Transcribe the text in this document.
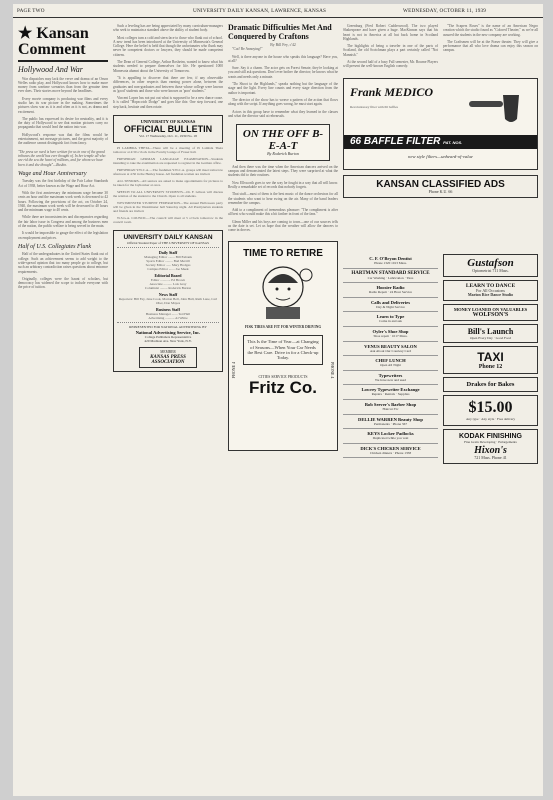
PAGE TWO	UNIVERSITY DAILY KANSAN, LAWRENCE, KANSAS	WEDNESDAY, OCTOBER 11, 1939
★ Kansan Comment
Hollywood And War

War dispatches may lack the verve and drama of an Orson Welles radio play, and Hollywood knows how to make more money from wartime scenarios than from the genuine item ever does. Their stories move beyond the headlines.

Every movie company is producing war films and every studio has its war picture in the making. Sometimes the pictures show war as it is and often as it is not, as drama and excitement.

The public has expressed its desire for neutrality, and it is the duty of Hollywood to see that motion pictures carry no propaganda that would lead the nation into war.

Hollywood's response was that the films would be entertainment, not message pictures, and the great majority of the audience cannot distinguish fact from fancy.

"The press we need is here written for us in one of the grand tribunes the world has ever thought of. In her temple all who are rid the sea the heart of millions, and for whom we have been it and she thought"—Ruskin.
Wage and Hour Anniversary

Tuesday was the first birthday of the Fair Labor Standards Act of 1938, better known as the Wage and Hour Act.

With the first anniversary the minimum wage became 30 cents an hour and the maximum work week is decreased to 42 hours. Following the provisions of the act, on October 24, 1940, the maximum work week will be decreased to 40 hours and the minimum wage to 40 cents.

While there are inconsistencies and discrepancies regarding the fair labor issue in Congress and among the business men of the nation, the public welfare is being served in the main.

It would be impossible to gauge the effect of the legislation on employment and prices.

Half of U.S. Collegiates Flunk

Half of the undergraduates in the United States flunk out of college. Such an achievement seems to add weight to the wide-spread opinion that too many people go to college, but such an arbitrary contradiction raises questions about entrance requirements.

Originally, colleges were the haunt of scholars, but democracy has widened the scope to include everyone with the price of tuition.

Such a leveling has are being appreciated by many curriculum-managers who seek to maintain a standard above the ability of student body.

Most colleges turn a cold and stern face to those who flunk out of school. A new trend has been introduced at the University of Minnesota's General College. Here the belief is held that though the unfortunates who flunk may never be competent doctors or lawyers, they should be made competent citizens.

The Dean of General College, Arthur Rosheim, wanted to know what his students needed to prepare themselves for life. He questioned 1000 Minnesota alumni about the University of Tomorrow.

"It is appalling to discover that there are few, if any observable differences, in other respects than earning power alone, between the graduates and non-graduates and between those whose college were known as 'good' students and those who were known as 'poor' students."

Vincent Lopez has not put out what is supposed to be a new dance craze. It is called "Hopscotch Dodge" and goes like this: One step forward, one step back, hesitate and then rotate.

UNIVERSITY OF KANSAS
OFFICIAL BULLETIN
Vol. 17 Wednesday, Oct. 11, 1939 No. 18

PI LAMBDA THETA—There will be a meeting of Pi Lambda Theta tomorrow at 4:30 o'clock in the Faculty lounge of Fraser hall.

FRESHMAN GERMAN LANGUAGE EXAMINATION—Students intending to take the examination are requested to register in the German office.

FRESHMAN Y.W.C.A.—The freshmen Y.W.C.A. groups will meet tomorrow afternoon at 4:30 in the Henley house. All freshman women are invited.

ALL SENIORS—All seniors are asked to make appointments for pictures to be taken for the Jayhawker at once.

SPEECH TO ALL UNIVERSITY STUDENTS—Dr. F. Gibson will discuss the relation of the student to the Church. Open to all students.

WESTMINSTER STUDENT FEDERATION—The annual Halloween party will be given in the Westminster hall Saturday night. All Presbyterian students and friends are invited.

W.S.G.A. COUNCIL—The council will meet at 5 o'clock tomorrow in the council room.

UNIVERSITY DAILY KANSAN
Official Student Paper of THE UNIVERSITY OF KANSAS
Daily Staff
Managing Editor ........ Bill Eubank
Sports Editor ......... Bud Merrill
Society Editor ...... Mary Hodges
Campus Editor ....... Joe Meek
Editorial Board
Editor ............ Ed Brown
Associate .......... Lois Gray
Columnist ......... Roderick Burton
News Staff
Reporters: Bill Fey, Jane Cook, Marion Bell, John Hull, Ruth Lane, Carl Ober, Don Mayes
Business Staff
Business Manager ....... Ted Hall
Advertising ........... Al White
REPRESENTED FOR NATIONAL ADVERTISING BY
National Advertising Service, Inc.
College Publishers Representative
420 Madison Ave. New York, N.Y.
MEMBER
KANSAS PRESS ASSOCIATION
Dramatic Difficulties Met And Conquered by Craftons
By Bill Fey, c'42

"Cut! Be Annoying!"

Well, is there anyone in the house who speaks this language? Have you, at all?

Sure. Say it a charm. The actor gets on Forest Senate, they're looking at you and still ask questions. Don't ever bother the director; he knows what he wants and needs only a minute.

"Do Shoot to the Highlands," speaks nothing but the language of the stage and the light. Every line counts and every stage direction from the author is important.

The director of the show has to weave a pattern of the action that flows along with the script. If anything goes wrong, he must start again.

Actors in this group have to remember what they learned in the classes and what the director said at rehearsals.

ON THE OFF B-E-A-T
By Roderick Burton

And then there was the time when the American dancers arrived on the campus and demonstrated the latest steps. They were surprised at what the students did to their routines.

Now Ellsworth goes to see the way he fought in a way that all will know. Really a remarkable set of records that nobody forgets.

That stuff—most of them is the best music of the dance orchestras for all the students who want to hear swing on the air. Many of the band leaders remember the campus.

Add to a compliment of tremendous pleasure: "The compliment is after all best who would make this a bit farther in front of the fans."

Glenn Miller and his boys are coming to town—one of our sources tells us the date is set. Let us hope that the weather will allow the dancers to come in droves.

TIME TO RETIRE
FISK TIRES ARE FIT FOR WINTER DRIVING
PHONE 4	PHONE 4
This Is the Time of Year—at Changing of Seasons—When Your Car Needs the Best Care. Drive in for a Check-up Today.
CITIES SERVICE PRODUCTS
Fritz Co.

Greenburg (Fred Robert Cadderwood). The two played Shakespeare and have given a huge. MacKinnon says that his heart is not in America at all but back home in Scotland Highlands.

The highlights of being a traveler in one of the parts of Scotland, the old Scotchman plays a part certainly called "Not Mannish."

At the second half of a busy Fall semester, Mr. Bourne Players will present the well-known English comedy.

"The Scapers Roses" is the name of an American Negro creation which the studio found as "Colored Theater," as we're all assured the students in the new company are working.

The Craftsmen will be at the Fraser theater. They will give a performance that all who love drama can enjoy this season on campus.

Frank MEDICO
Revolutionary filter with 66 baffles
66 BAFFLE FILTER PAT. NOS.
new style filters—unheard-of-value
KANSAN CLASSIFIED ADS
Phone K.U. 66
C. F. O'Bryon Dentist
Phone 1320 1013 Mass.
HARTMAN STANDARD SERVICE
Car Washing · Lubrication · Tires
Hoosier Radio
Radio Repair · 24 Hour Service
Calls and Deliveries
Day & Night Service
Learn to Type
Come in and ask
Oyler's Shoe Shop
Shoe repair · 1017 Mass.
VENUS BEAUTY SALON
Ask About Our Courtesy Card
CHEF LUNCH
Open All Night
Typewriters
We have new and used
Lowrey Typewriter Exchange
Repairs · Rentals · Supplies
Bob Seever's Barber Shop
Haircut 35c
DELLIE WARREN Beauty Shop
Permanents · Phone 367
KEYS Locker Padlocks
Duplicated while you wait
DICK'S CHICKEN SERVICE
Chicken dinners · Phone 1358
Gustafson
Optometrist 711 Mass.
LEARN TO DANCE
For All Occasions
Marion Rice Dance Studio
MONEY LOANED ON VALUABLES
WOLFSON'S
Bill's Launch
Open Every Day · Good Food
TAXI
Phone 12
Drakes for Bakes
$15.00
Any type · Any style · Free delivery
KODAK FINISHING
Fine Grain Developing · Enlargements
Hixon's
721 Mass. Phone 41
